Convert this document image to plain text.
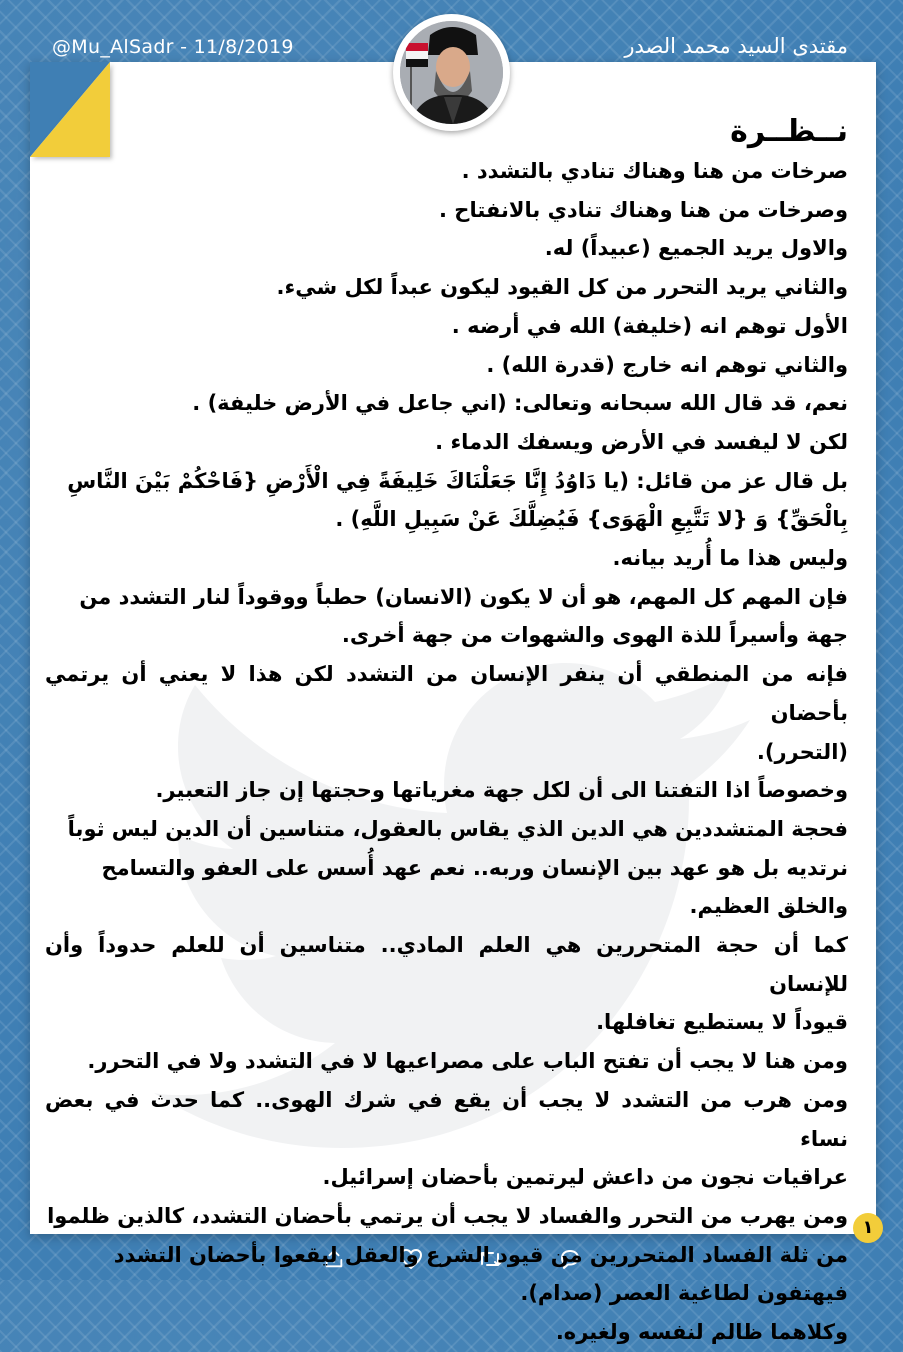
@Mu_AlSadr - 11/8/2019	مقتدى السيد محمد الصدر
نــظــرة
صرخات من هنا وهناك تنادي بالتشدد .
وصرخات من هنا وهناك تنادي بالانفتاح .
والاول يريد الجميع (عبيداً) له.
والثاني يريد التحرر من كل القيود ليكون عبداً لكل شيء.
الأول توهم انه (خليفة) الله في أرضه .
والثاني توهم انه خارج (قدرة الله) .
نعم، قد قال الله سبحانه وتعالى: (اني جاعل في الأرض خليفة) .
لكن لا ليفسد في الأرض ويسفك الدماء .
بل قال عز من قائل: (يا دَاوُدُ إِنَّا جَعَلْنَاكَ خَلِيفَةً فِي الْأَرْضِ {فَاحْكُمْ بَيْنَ النَّاسِ
بِالْحَقِّ} وَ {لا تَتَّبِعِ الْهَوَى} فَيُضِلَّكَ عَنْ سَبِيلِ اللَّهِ) .
وليس هذا ما أُريد بيانه.
فإن المهم كل المهم، هو أن لا يكون (الانسان) حطباً ووقوداً لنار التشدد من
جهة وأسيراً للذة الهوى والشهوات من جهة أخرى.
فإنه من المنطقي أن ينفر الإنسان من التشدد لكن هذا لا يعني أن يرتمي بأحضان
(التحرر).
وخصوصاً اذا التفتنا الى أن لكل جهة مغرياتها وحجتها إن جاز التعبير.
فحجة المتشددين هي الدين الذي يقاس بالعقول، متناسين أن الدين ليس ثوباً
نرتديه بل هو عهد بين الإنسان وربه.. نعم عهد أُسس على العفو والتسامح
والخلق العظيم.
كما أن حجة المتحررين هي العلم المادي.. متناسين أن للعلم حدوداً وأن للإنسان
قيوداً لا يستطيع تغافلها.
ومن هنا لا يجب أن تفتح الباب على مصراعيها لا في التشدد ولا في التحرر.
ومن هرب من التشدد لا يجب أن يقع في شرك الهوى.. كما حدث في بعض نساء
عراقيات نجون من داعش ليرتمين بأحضان إسرائيل.
ومن يهرب من التحرر والفساد لا يجب أن يرتمي بأحضان التشدد، كالذين ظلموا
من ثلة الفساد المتحررين من قيود الشرع والعقل ليقعوا بأحضان التشدد
فيهتفون لطاغية العصر (صدام).
وكلاهما ظالم لنفسه ولغيره.
١
